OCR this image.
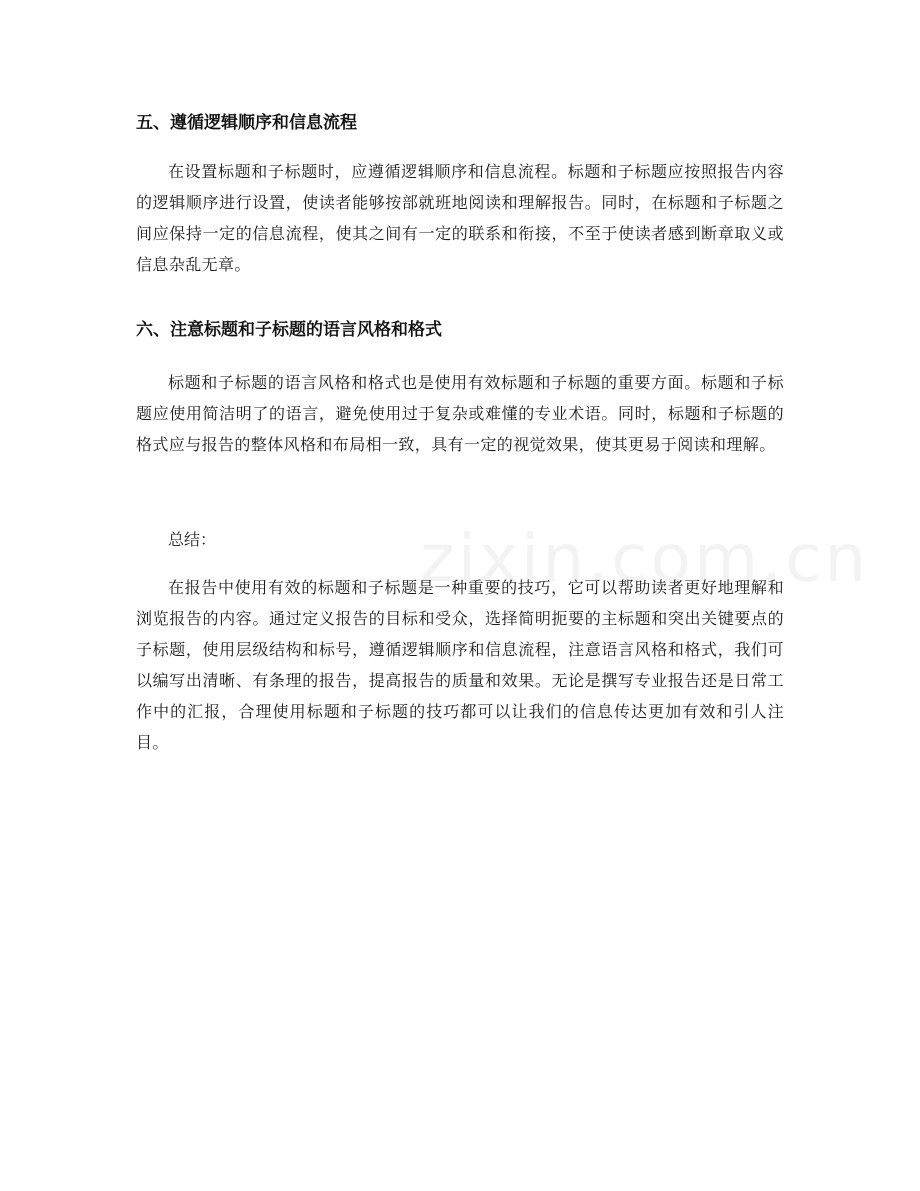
五、遵循逻辑顺序和信息流程

在设置标题和子标题时，应遵循逻辑顺序和信息流程。标题和子标题应按照报告内容的逻辑顺序进行设置，使读者能够按部就班地阅读和理解报告。同时，在标题和子标题之间应保持一定的信息流程，使其之间有一定的联系和衔接，不至于使读者感到断章取义或信息杂乱无章。

六、注意标题和子标题的语言风格和格式

标题和子标题的语言风格和格式也是使用有效标题和子标题的重要方面。标题和子标题应使用简洁明了的语言，避免使用过于复杂或难懂的专业术语。同时，标题和子标题的格式应与报告的整体风格和布局相一致，具有一定的视觉效果，使其更易于阅读和理解。

总结：

在报告中使用有效的标题和子标题是一种重要的技巧，它可以帮助读者更好地理解和浏览报告的内容。通过定义报告的目标和受众，选择简明扼要的主标题和突出关键要点的子标题，使用层级结构和标号，遵循逻辑顺序和信息流程，注意语言风格和格式，我们可以编写出清晰、有条理的报告，提高报告的质量和效果。无论是撰写专业报告还是日常工作中的汇报，合理使用标题和子标题的技巧都可以让我们的信息传达更加有效和引人注目。
